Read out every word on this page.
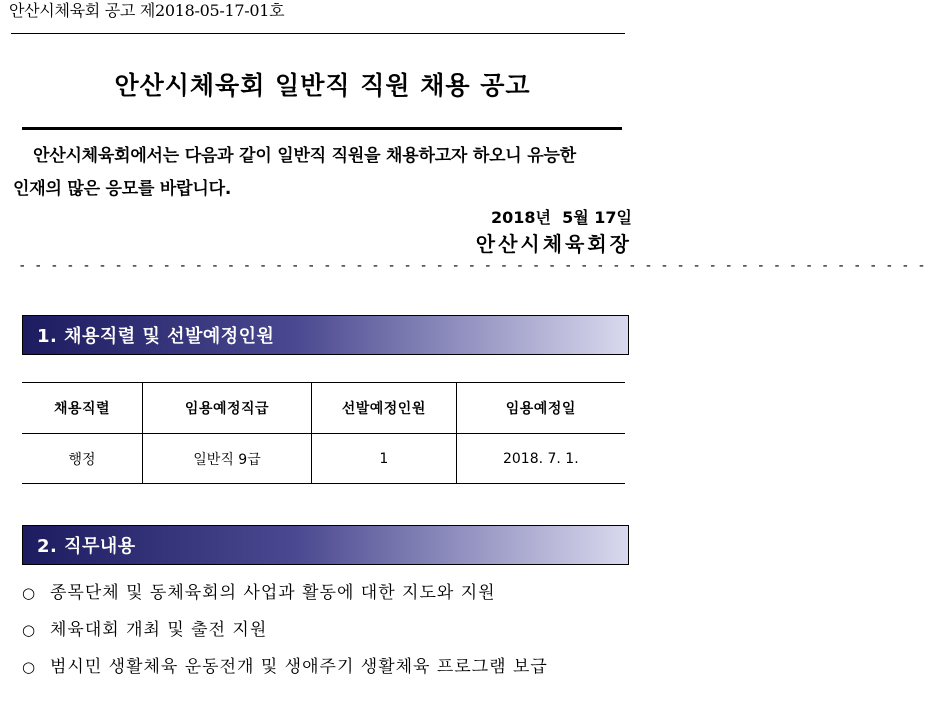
안산시체육회 공고 제2018-05-17-01호
안산시체육회 일반직 직원 채용 공고
안산시체육회에서는 다음과 같이 일반직 직원을 채용하고자 하오니 유능한
인재의 많은 응모를 바랍니다.
2018년  5월 17일
안산시체육회장
- - - - - - - - - - - - - - - - - - - - - - - - - - - - - - - - - - - - - - - - - - - - - - - - - - - - - - - - -
1. 채용직렬 및 선발예정인원
채용직렬	임용예정직급	선발예정인원	임용예정일
행정	일반직 9급	1	2018. 7. 1.
2. 직무내용
○ 종목단체 및 동체육회의 사업과 활동에 대한 지도와 지원
○ 체육대회 개최 및 출전 지원
○ 범시민 생활체육 운동전개 및 생애주기 생활체육 프로그램 보급
